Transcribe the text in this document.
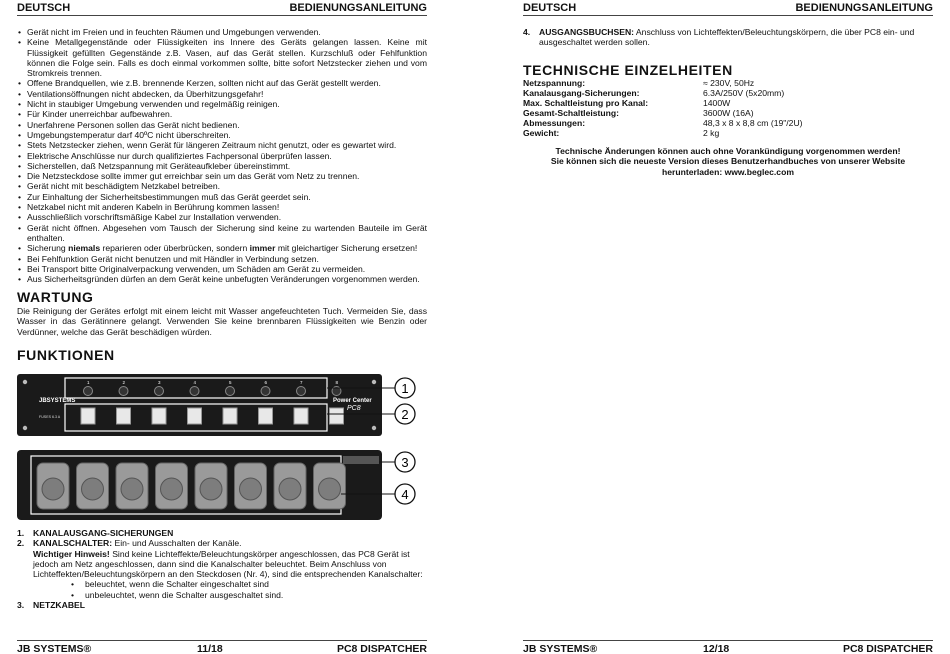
DEUTSCH	BEDIENUNGSANLEITUNG
• Gerät nicht im Freien und in feuchten Räumen und Umgebungen verwenden.
• Keine Metallgegenstände oder Flüssigkeiten ins Innere des Geräts gelangen lassen. Keine mit Flüssigkeit gefüllten Gegenstände z.B. Vasen, auf das Gerät stellen. Kurzschluß oder Fehlfunktion können die Folge sein. Falls es doch einmal vorkommen sollte, bitte sofort Netzstecker ziehen und vom Stromkreis trennen.
• Offene Brandquellen, wie z.B. brennende Kerzen, sollten nicht auf das Gerät gestellt werden.
• Ventilationsöffnungen nicht abdecken, da Überhitzungsgefahr!
• Nicht in staubiger Umgebung verwenden und regelmäßig reinigen.
• Für Kinder unerreichbar aufbewahren.
• Unerfahrene Personen sollen das Gerät nicht bedienen.
• Umgebungstemperatur darf 40ºC nicht überschreiten.
• Stets Netzstecker ziehen, wenn Gerät für längeren Zeitraum nicht genutzt, oder es gewartet wird.
• Elektrische Anschlüsse nur durch qualifiziertes Fachpersonal überprüfen lassen.
• Sicherstellen, daß Netzspannung mit Geräteaufkleber übereinstimmt.
• Die Netzsteckdose sollte immer gut erreichbar sein um das Gerät vom Netz zu trennen.
• Gerät nicht mit beschädigtem Netzkabel betreiben.
• Zur Einhaltung der Sicherheitsbestimmungen muß das Gerät geerdet sein.
• Netzkabel nicht mit anderen Kabeln in Berührung kommen lassen!
• Ausschließlich vorschriftsmäßige Kabel zur Installation verwenden.
• Gerät nicht öffnen. Abgesehen vom Tausch der Sicherung sind keine zu wartenden Bauteile im Gerät enthalten.
• Sicherung niemals reparieren oder überbrücken, sondern immer mit gleichartiger Sicherung ersetzen!
• Bei Fehlfunktion Gerät nicht benutzen und mit Händler in Verbindung setzen.
• Bei Transport bitte Originalverpackung verwenden, um Schäden am Gerät zu vermeiden.
• Aus Sicherheitsgründen dürfen an dem Gerät keine unbefugten Veränderungen vorgenommen werden.
WARTUNG
Die Reinigung der Gerätes erfolgt mit einem leicht mit Wasser angefeuchteten Tuch. Vermeiden Sie, dass Wasser in das Gerätinnere gelangt. Verwenden Sie keine brennbaren Flüssigkeiten wie Benzin oder Verdünner, welche das Gerät beschädigen würden.
FUNKTIONEN
JBSYSTEMS
FUSES 6.3 A
Power Center
PC8
1	2	3	4	5	6	7	8	1
2
3
4
1. KANALAUSGANG-SICHERUNGEN
2. KANALSCHALTER: Ein- und Ausschalten der Kanäle.
Wichtiger Hinweis! Sind keine Lichteffekte/Beleuchtungskörper angeschlossen, das PC8 Gerät ist jedoch am Netz angeschlossen, dann sind die Kanalschalter beleuchtet. Beim Anschluss von Lichteffekten/Beleuchtungskörpern an den Steckdosen (Nr. 4), sind die entsprechenden Kanalschalter:
• beleuchtet, wenn die Schalter eingeschaltet sind
• unbeleuchtet, wenn die Schalter ausgeschaltet sind.
3. NETZKABEL
JB SYSTEMS®	11/18	PC8 DISPATCHER
DEUTSCH	BEDIENUNGSANLEITUNG
4. AUSGANGSBUCHSEN: Anschluss von Lichteffekten/Beleuchtungskörpern, die über PC8 ein- und ausgeschaltet werden sollen.
TECHNISCHE EINZELHEITEN
Netzspannung:	≈ 230V, 50Hz
Kanalausgang-Sicherungen:	6.3A/250V (5x20mm)
Max. Schaltleistung pro Kanal:	1400W
Gesamt-Schaltleistung:	3600W (16A)
Abmessungen:	48,3 x 8 x 8,8 cm (19"/2U)
Gewicht:	2 kg
Technische Änderungen können auch ohne Vorankündigung vorgenommen werden!
Sie können sich die neueste Version dieses Benutzerhandbuches von unserer Website
herunterladen: www.beglec.com
JB SYSTEMS®	12/18	PC8 DISPATCHER
